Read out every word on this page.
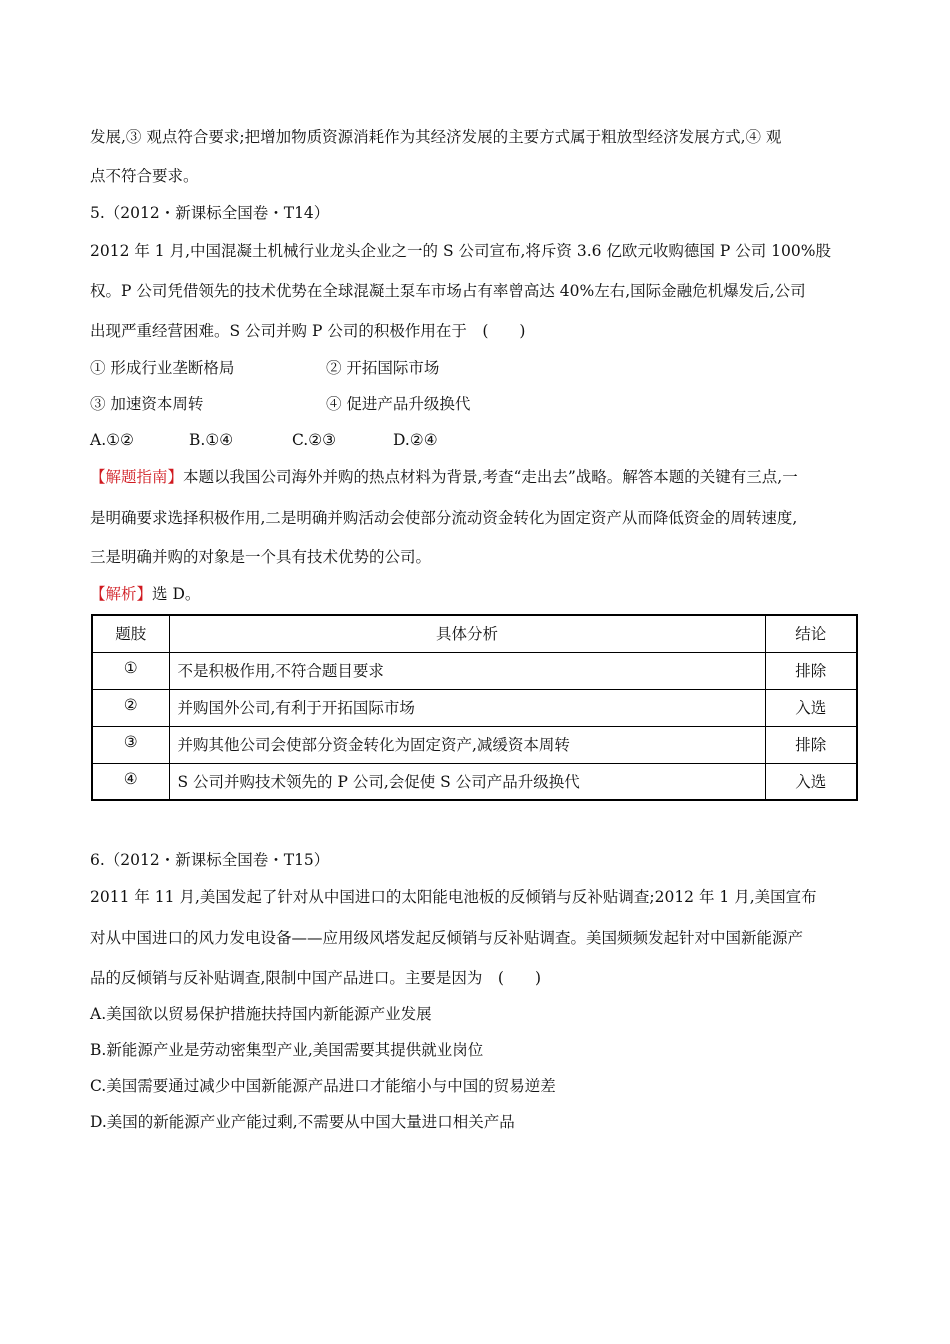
发展,③ 观点符合要求;把增加物质资源消耗作为其经济发展的主要方式属于粗放型经济发展方式,④ 观
点不符合要求。
5.（2012・新课标全国卷・T14）
2012 年 1 月,中国混凝土机械行业龙头企业之一的 S 公司宣布,将斥资 3.6 亿欧元收购德国 P 公司 100%股
权。P 公司凭借领先的技术优势在全球混凝土泵车市场占有率曾高达 40%左右,国际金融危机爆发后,公司
出现严重经营困难。S 公司并购 P 公司的积极作用在于　(　　)
① 形成行业垄断格局	② 开拓国际市场
③ 加速资本周转	④ 促进产品升级换代
A.①②	B.①④	C.②③	D.②④
【解题指南】本题以我国公司海外并购的热点材料为背景,考查“走出去”战略。解答本题的关键有三点,一
是明确要求选择积极作用,二是明确并购活动会使部分流动资金转化为固定资产从而降低资金的周转速度,
三是明确并购的对象是一个具有技术优势的公司。
【解析】选 D。
题肢	具体分析	结论
①	不是积极作用,不符合题目要求	排除
②	并购国外公司,有利于开拓国际市场	入选
③	并购其他公司会使部分资金转化为固定资产,减缓资本周转	排除
④	S 公司并购技术领先的 P 公司,会促使 S 公司产品升级换代	入选
6.（2012・新课标全国卷・T15）
2011 年 11 月,美国发起了针对从中国进口的太阳能电池板的反倾销与反补贴调查;2012 年 1 月,美国宣布
对从中国进口的风力发电设备——应用级风塔发起反倾销与反补贴调查。美国频频发起针对中国新能源产
品的反倾销与反补贴调查,限制中国产品进口。主要是因为　(　　)
A.美国欲以贸易保护措施扶持国内新能源产业发展
B.新能源产业是劳动密集型产业,美国需要其提供就业岗位
C.美国需要通过减少中国新能源产品进口才能缩小与中国的贸易逆差
D.美国的新能源产业产能过剩,不需要从中国大量进口相关产品
